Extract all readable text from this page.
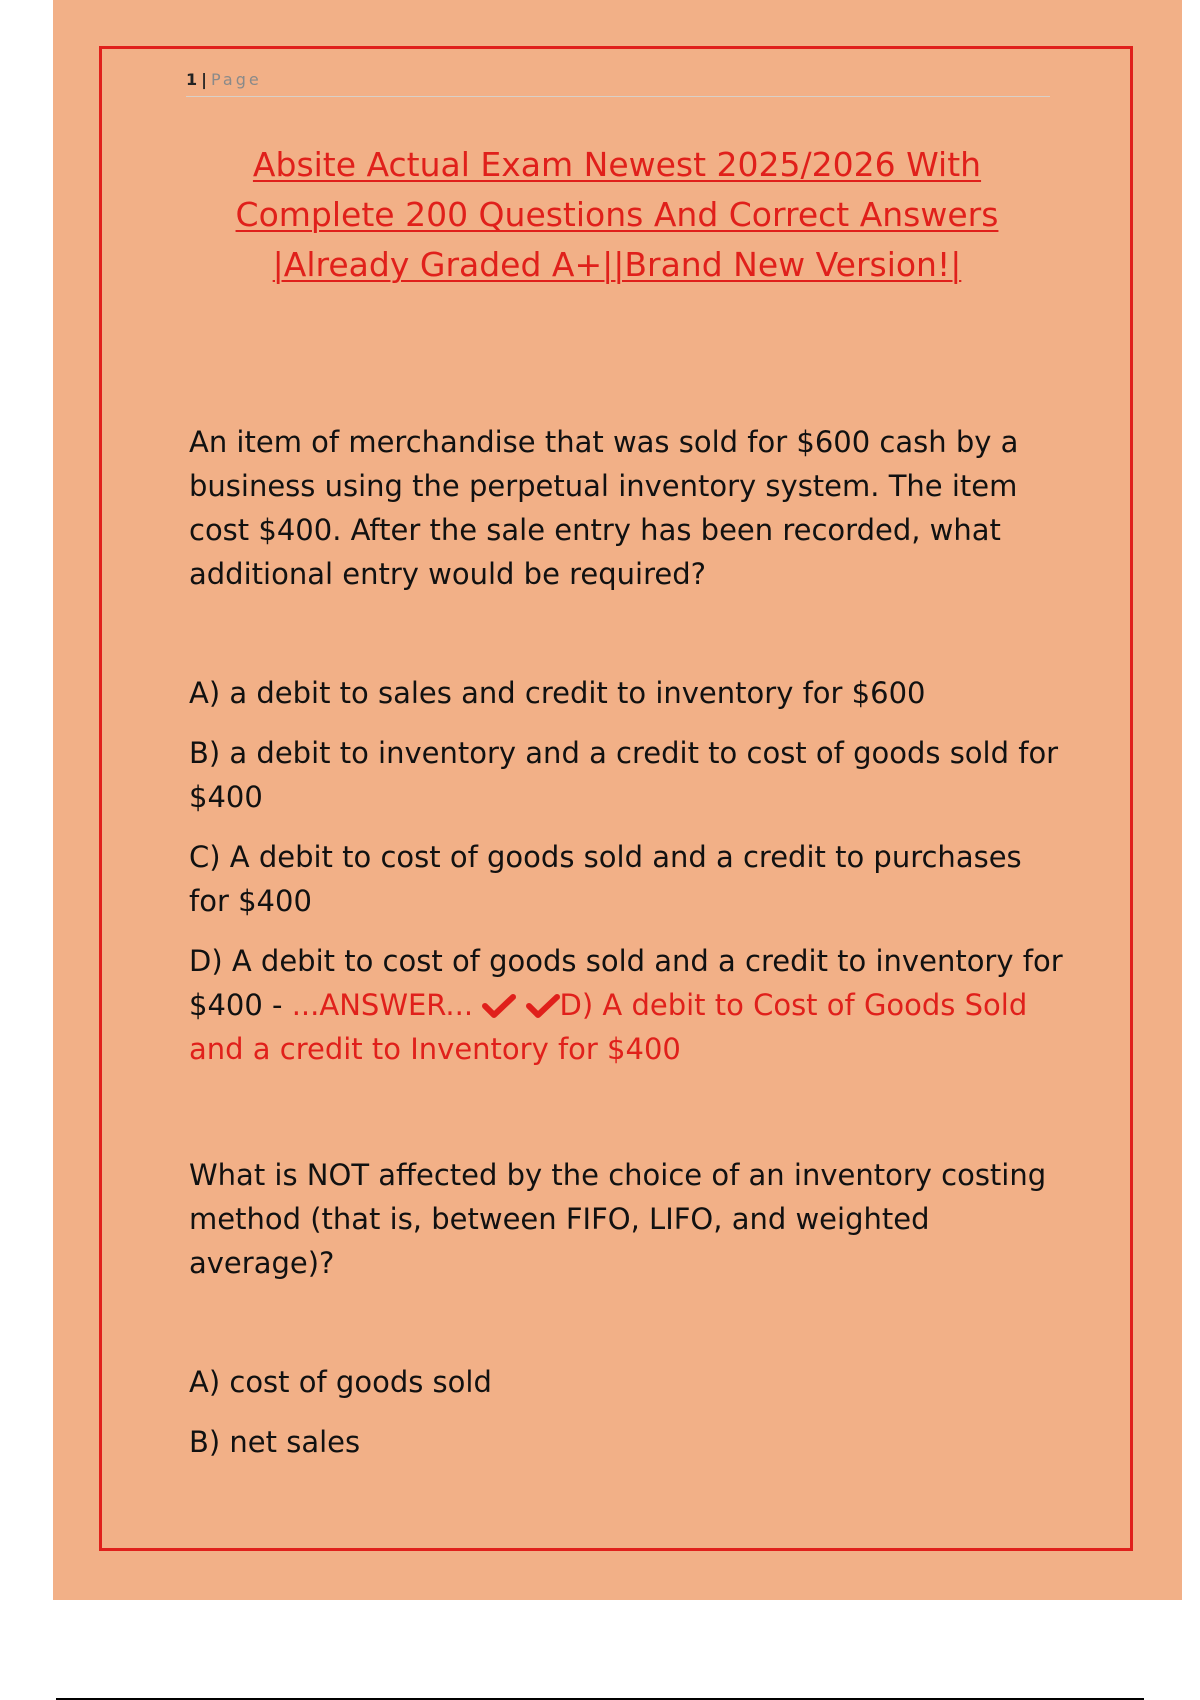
1 | Page
Absite Actual Exam Newest 2025/2026 With
Complete 200 Questions And Correct Answers
|Already Graded A+||Brand New Version!|
An item of merchandise that was sold for $600 cash by a business using the perpetual inventory system. The item cost $400. After the sale entry has been recorded, what additional entry would be required?
A) a debit to sales and credit to inventory for $600
B) a debit to inventory and a credit to cost of goods sold for $400
C) A debit to cost of goods sold and a credit to purchases for $400
D) A debit to cost of goods sold and a credit to inventory for $400 - ...ANSWER...	D) A debit to Cost of Goods Sold and a credit to Inventory for $400
What is NOT affected by the choice of an inventory costing method (that is, between FIFO, LIFO, and weighted average)?
A) cost of goods sold
B) net sales
